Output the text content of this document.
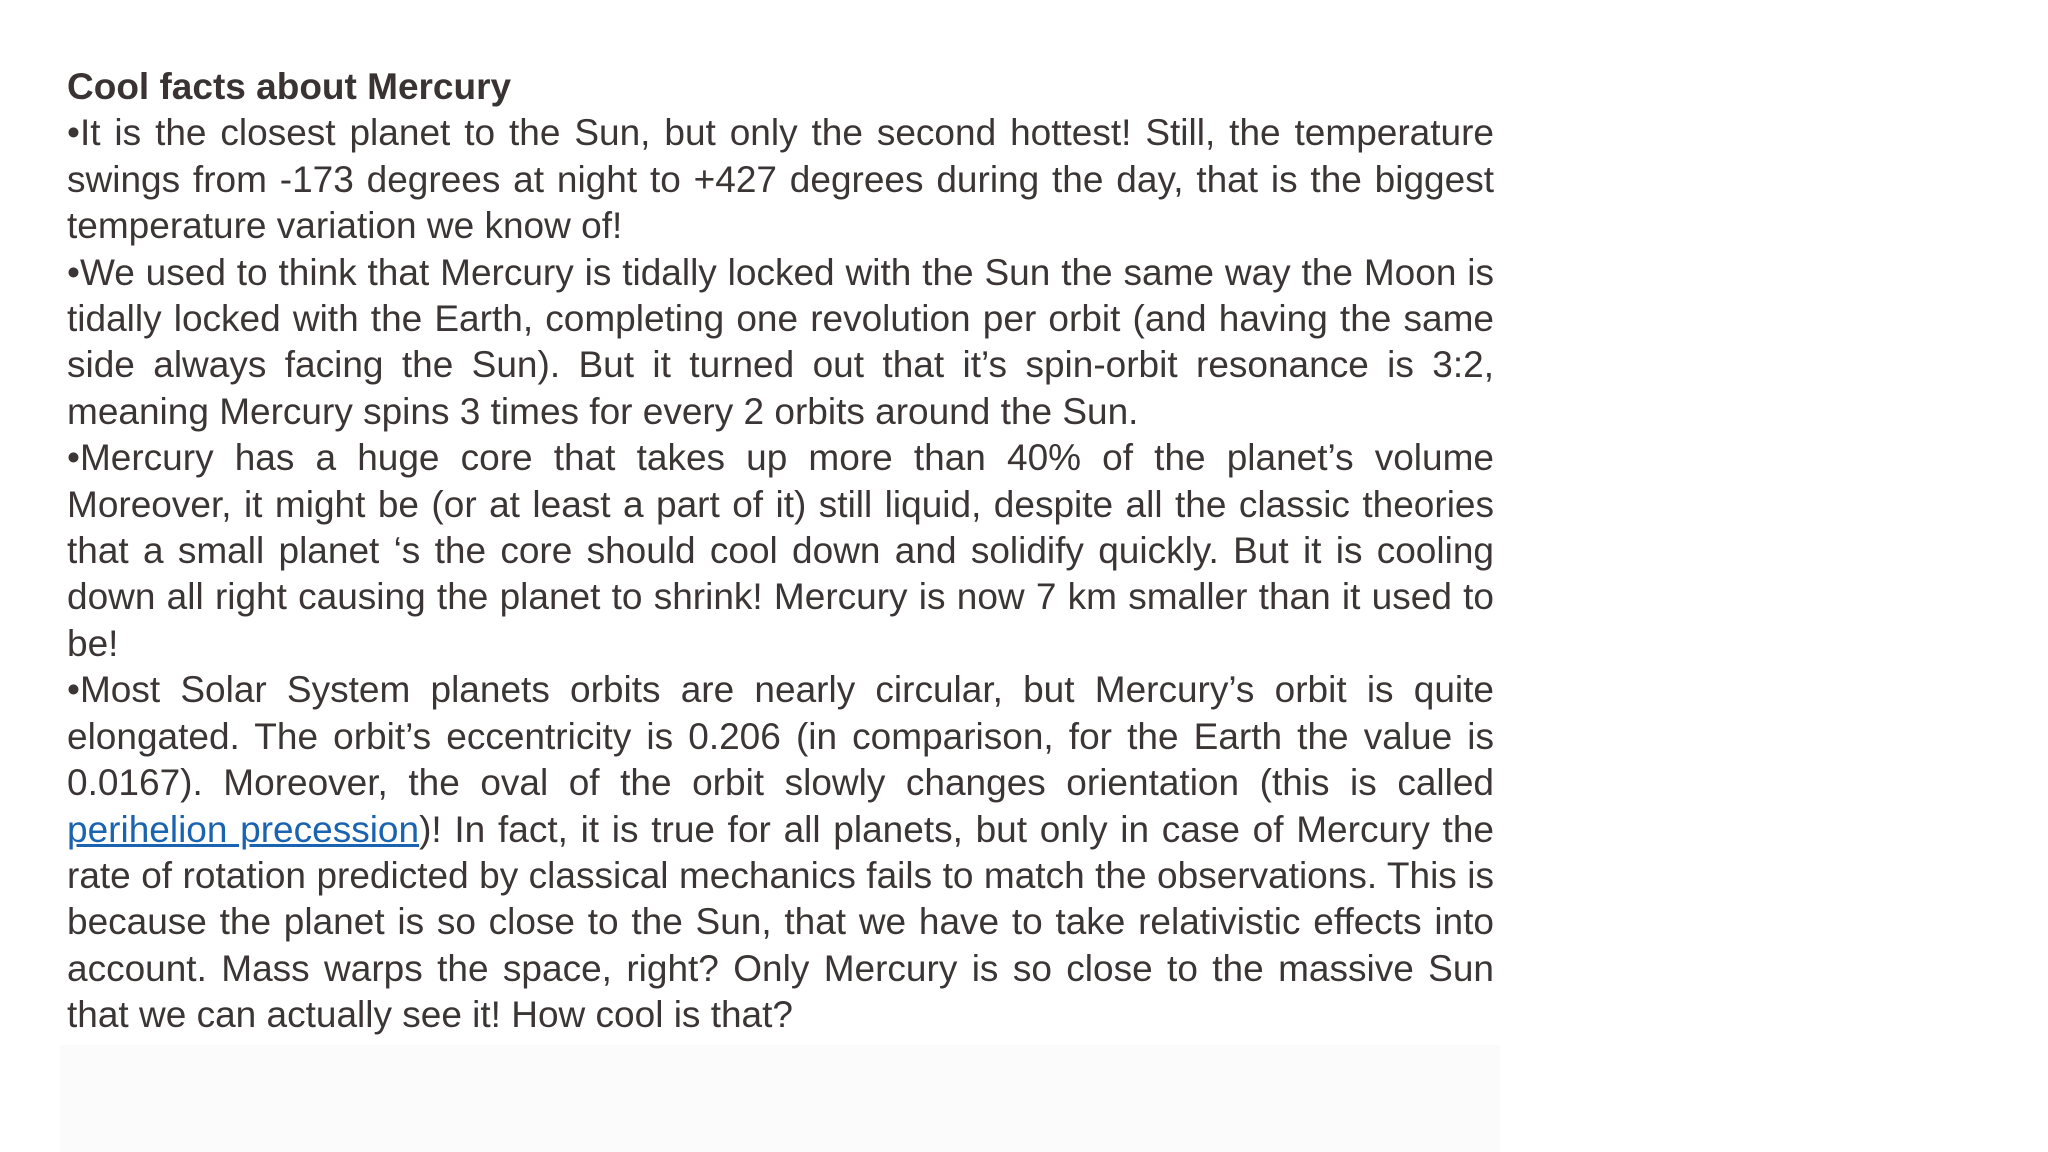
Cool facts about Mercury

•It is the closest planet to the Sun, but only the second hottest! Still, the temperature swings from -173 degrees at night to +427 degrees during the day, that is the biggest temperature variation we know of!

•We used to think that Mercury is tidally locked with the Sun the same way the Moon is tidally locked with the Earth, completing one revolution per orbit (and having the same side always facing the Sun). But it turned out that it’s spin-orbit resonance is 3:2, meaning Mercury spins 3 times for every 2 orbits around the Sun.

•Mercury has a huge core that takes up more than 40% of the planet’s volume Moreover, it might be (or at least a part of it) still liquid, despite all the classic theories that a small planet ‘s the core should cool down and solidify quickly. But it is cooling down all right causing the planet to shrink! Mercury is now 7 km smaller than it used to be!

•Most Solar System planets orbits are nearly circular, but Mercury’s orbit is quite elongated. The orbit’s eccentricity is 0.206 (in comparison, for the Earth the value is 0.0167). Moreover, the oval of the orbit slowly changes orientation (this is called perihelion precession)! In fact, it is true for all planets, but only in case of Mercury the rate of rotation predicted by classical mechanics fails to match the observations. This is because the planet is so close to the Sun, that we have to take relativistic effects into account. Mass warps the space, right? Only Mercury is so close to the massive Sun that we can actually see it! How cool is that?
